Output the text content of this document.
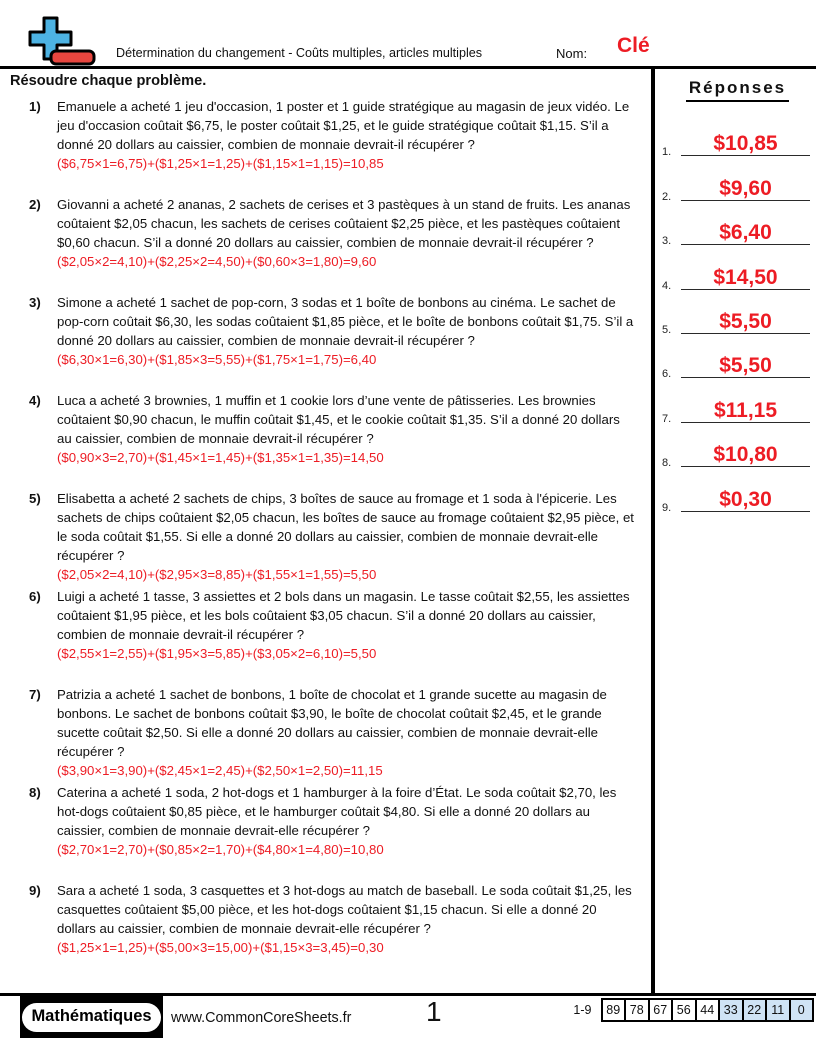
Détermination du changement - Coûts multiples, articles multiples	Nom: Clé
Résoudre chaque problème.
1)	Emanuele a acheté 1 jeu d'occasion, 1 poster et 1 guide stratégique au magasin de jeux vidéo. Le jeu d'occasion coûtait $6,75, le poster coûtait $1,25, et le guide stratégique coûtait $1,15. S’il a donné 20 dollars au caissier, combien de monnaie devrait-il récupérer ?

($6,75×1=6,75)+($1,25×1=1,25)+($1,15×1=1,15)=10,85

2)	Giovanni a acheté 2 ananas, 2 sachets de cerises et 3 pastèques à un stand de fruits. Les ananas coûtaient $2,05 chacun, les sachets de cerises coûtaient $2,25 pièce, et les pastèques coûtaient $0,60 chacun. S’il a donné 20 dollars au caissier, combien de monnaie devrait-il récupérer ?

($2,05×2=4,10)+($2,25×2=4,50)+($0,60×3=1,80)=9,60

3)	Simone a acheté 1 sachet de pop-corn, 3 sodas et 1 boîte de bonbons au cinéma. Le sachet de pop-corn coûtait $6,30, les sodas coûtaient $1,85 pièce, et le boîte de bonbons coûtait $1,75. S’il a donné 20 dollars au caissier, combien de monnaie devrait-il récupérer ?

($6,30×1=6,30)+($1,85×3=5,55)+($1,75×1=1,75)=6,40

4)	Luca a acheté 3 brownies, 1 muffin et 1 cookie lors d’une vente de pâtisseries. Les brownies coûtaient $0,90 chacun, le muffin coûtait $1,45, et le cookie coûtait $1,35. S’il a donné 20 dollars au caissier, combien de monnaie devrait-il récupérer ?

($0,90×3=2,70)+($1,45×1=1,45)+($1,35×1=1,35)=14,50

5)	Elisabetta a acheté 2 sachets de chips, 3 boîtes de sauce au fromage et 1 soda à l'épicerie. Les sachets de chips coûtaient $2,05 chacun, les boîtes de sauce au fromage coûtaient $2,95 pièce, et le soda coûtait $1,55. Si elle a donné 20 dollars au caissier, combien de monnaie devrait-elle récupérer ?

($2,05×2=4,10)+($2,95×3=8,85)+($1,55×1=1,55)=5,50

6)	Luigi a acheté 1 tasse, 3 assiettes et 2 bols dans un magasin. Le tasse coûtait $2,55, les assiettes coûtaient $1,95 pièce, et les bols coûtaient $3,05 chacun. S’il a donné 20 dollars au caissier, combien de monnaie devrait-il récupérer ?

($2,55×1=2,55)+($1,95×3=5,85)+($3,05×2=6,10)=5,50

7)	Patrizia a acheté 1 sachet de bonbons, 1 boîte de chocolat et 1 grande sucette au magasin de bonbons. Le sachet de bonbons coûtait $3,90, le boîte de chocolat coûtait $2,45, et le grande sucette coûtait $2,50. Si elle a donné 20 dollars au caissier, combien de monnaie devrait-elle récupérer ?

($3,90×1=3,90)+($2,45×1=2,45)+($2,50×1=2,50)=11,15

8)	Caterina a acheté 1 soda, 2 hot-dogs et 1 hamburger à la foire d’État. Le soda coûtait $2,70, les hot-dogs coûtaient $0,85 pièce, et le hamburger coûtait $4,80. Si elle a donné 20 dollars au caissier, combien de monnaie devrait-elle récupérer ?

($2,70×1=2,70)+($0,85×2=1,70)+($4,80×1=4,80)=10,80

9)	Sara a acheté 1 soda, 3 casquettes et 3 hot-dogs au match de baseball. Le soda coûtait $1,25, les casquettes coûtaient $5,00 pièce, et les hot-dogs coûtaient $1,15 chacun. Si elle a donné 20 dollars au caissier, combien de monnaie devrait-elle récupérer ?

($1,25×1=1,25)+($5,00×3=15,00)+($1,15×3=3,45)=0,30

Réponses
1.	$10,85
2.	$9,60
3.	$6,40
4.	$14,50
5.	$5,50
6.	$5,50
7.	$11,15
8.	$10,80
9.	$0,30
Mathématiques	www.CommonCoreSheets.fr	1	1-9	89 78 67 56 44 33 22 11	0
